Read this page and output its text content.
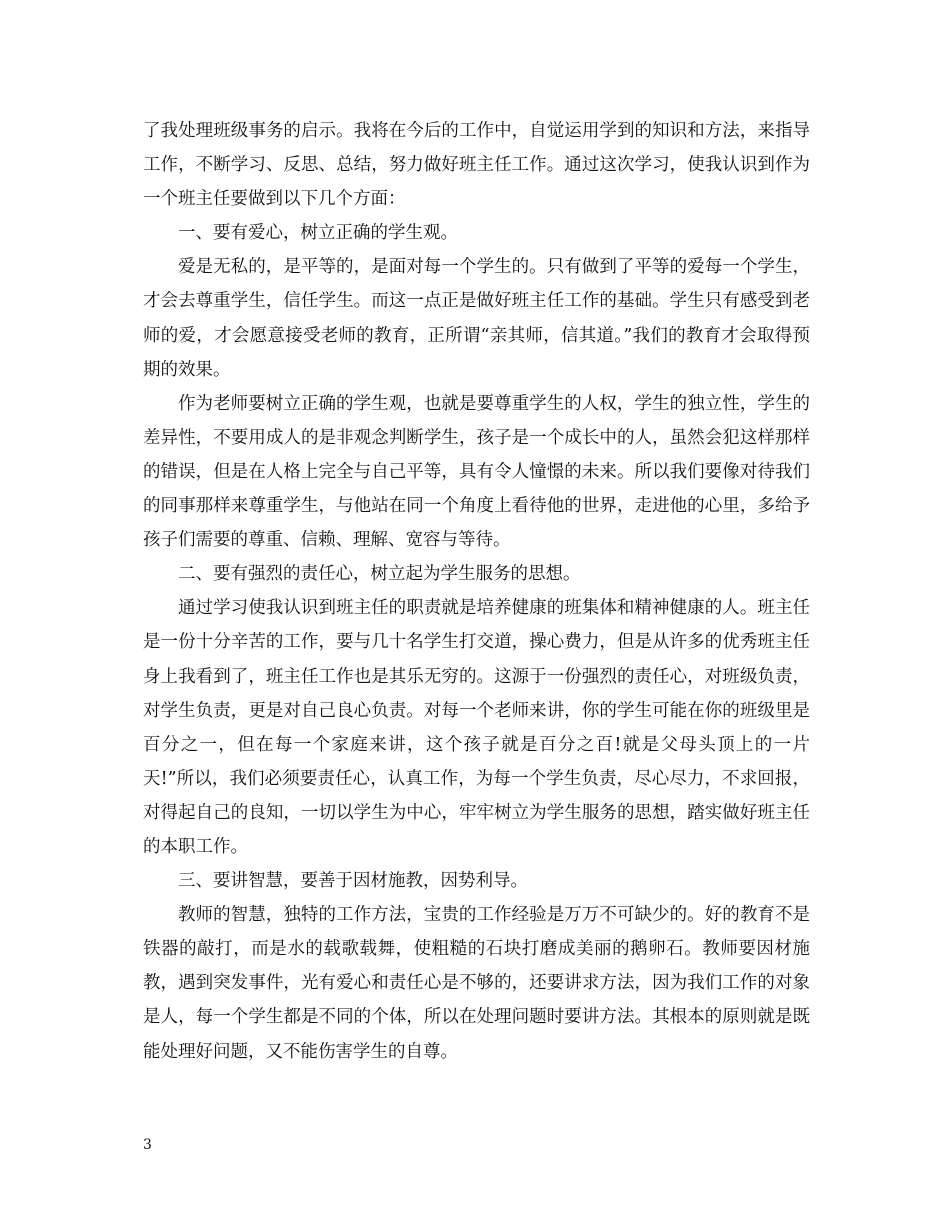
了我处理班级事务的启示。我将在今后的工作中，自觉运用学到的知识和方法，来指导工作，不断学习、反思、总结，努力做好班主任工作。通过这次学习，使我认识到作为一个班主任要做到以下几个方面：

一、要有爱心，树立正确的学生观。

爱是无私的，是平等的，是面对每一个学生的。只有做到了平等的爱每一个学生，才会去尊重学生，信任学生。而这一点正是做好班主任工作的基础。学生只有感受到老师的爱，才会愿意接受老师的教育，正所谓“亲其师，信其道。”我们的教育才会取得预期的效果。

作为老师要树立正确的学生观，也就是要尊重学生的人权，学生的独立性，学生的差异性，不要用成人的是非观念判断学生，孩子是一个成长中的人，虽然会犯这样那样的错误，但是在人格上完全与自己平等，具有令人憧憬的未来。所以我们要像对待我们的同事那样来尊重学生，与他站在同一个角度上看待他的世界，走进他的心里，多给予孩子们需要的尊重、信赖、理解、宽容与等待。

二、要有强烈的责任心，树立起为学生服务的思想。

通过学习使我认识到班主任的职责就是培养健康的班集体和精神健康的人。班主任是一份十分辛苦的工作，要与几十名学生打交道，操心费力，但是从许多的优秀班主任身上我看到了，班主任工作也是其乐无穷的。这源于一份强烈的责任心，对班级负责，对学生负责，更是对自己良心负责。对每一个老师来讲，你的学生可能在你的班级里是百分之一，但在每一个家庭来讲，这个孩子就是百分之百!就是父母头顶上的一片天!”所以，我们必须要责任心，认真工作，为每一个学生负责，尽心尽力，不求回报，对得起自己的良知，一切以学生为中心，牢牢树立为学生服务的思想，踏实做好班主任的本职工作。

三、要讲智慧，要善于因材施教，因势利导。

教师的智慧，独特的工作方法，宝贵的工作经验是万万不可缺少的。好的教育不是铁器的敲打，而是水的载歌载舞，使粗糙的石块打磨成美丽的鹅卵石。教师要因材施教，遇到突发事件，光有爱心和责任心是不够的，还要讲求方法，因为我们工作的对象是人，每一个学生都是不同的个体，所以在处理问题时要讲方法。其根本的原则就是既能处理好问题，又不能伤害学生的自尊。

3
